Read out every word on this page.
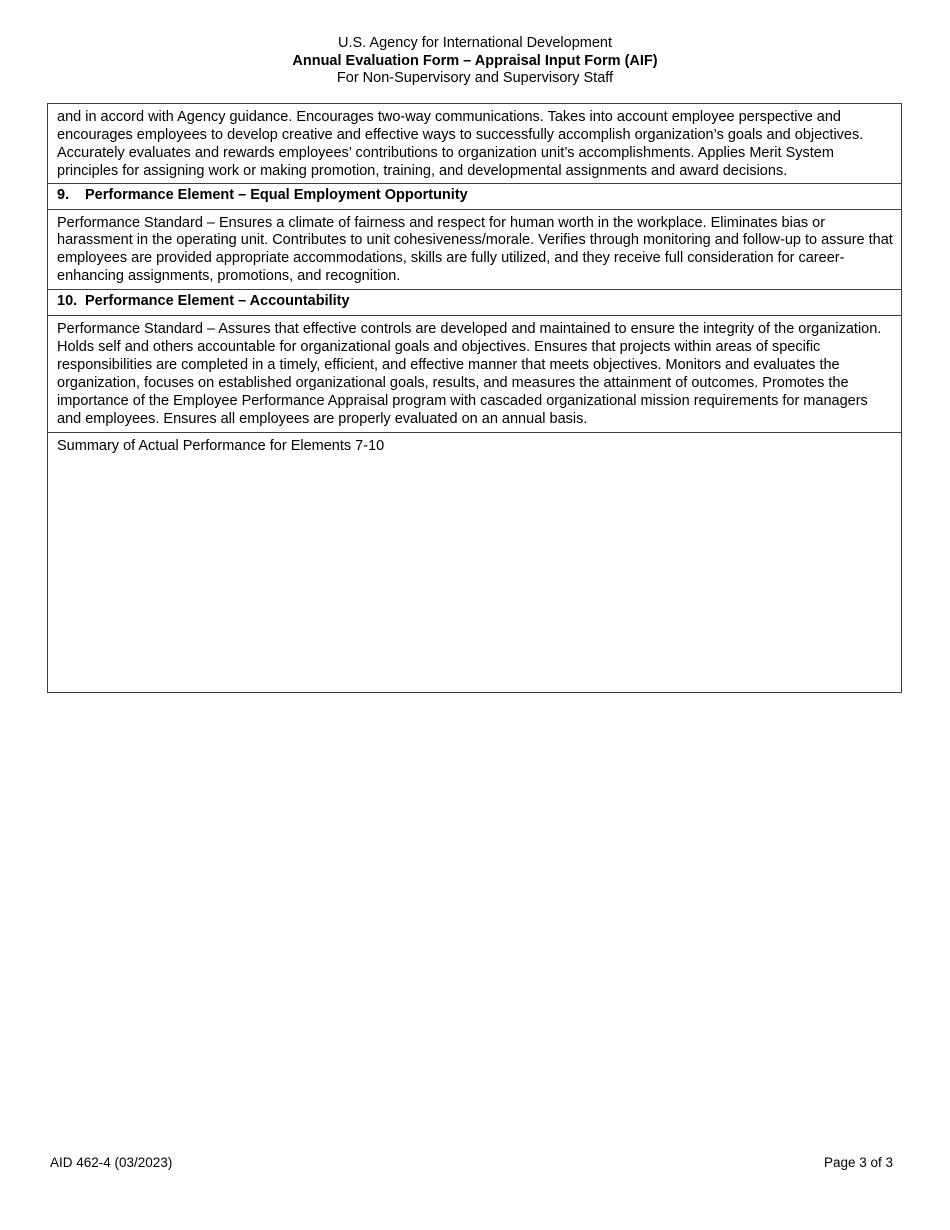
U.S. Agency for International Development
Annual Evaluation Form – Appraisal Input Form (AIF)
For Non-Supervisory and Supervisory Staff
and in accord with Agency guidance. Encourages two-way communications. Takes into account employee perspective and encourages employees to develop creative and effective ways to successfully accomplish organization’s goals and objectives. Accurately evaluates and rewards employees’ contributions to organization unit’s accomplishments. Applies Merit System principles for assigning work or making promotion, training, and developmental assignments and award decisions.
9. Performance Element – Equal Employment Opportunity
Performance Standard – Ensures a climate of fairness and respect for human worth in the workplace. Eliminates bias or harassment in the operating unit. Contributes to unit cohesiveness/morale. Verifies through monitoring and follow-up to assure that employees are provided appropriate accommodations, skills are fully utilized, and they receive full consideration for career-enhancing assignments, promotions, and recognition.
10. Performance Element – Accountability
Performance Standard – Assures that effective controls are developed and maintained to ensure the integrity of the organization. Holds self and others accountable for organizational goals and objectives. Ensures that projects within areas of specific responsibilities are completed in a timely, efficient, and effective manner that meets objectives. Monitors and evaluates the organization, focuses on established organizational goals, results, and measures the attainment of outcomes. Promotes the importance of the Employee Performance Appraisal program with cascaded organizational mission requirements for managers and employees. Ensures all employees are properly evaluated on an annual basis.
Summary of Actual Performance for Elements 7-10
AID 462-4 (03/2023)	Page 3 of 3
